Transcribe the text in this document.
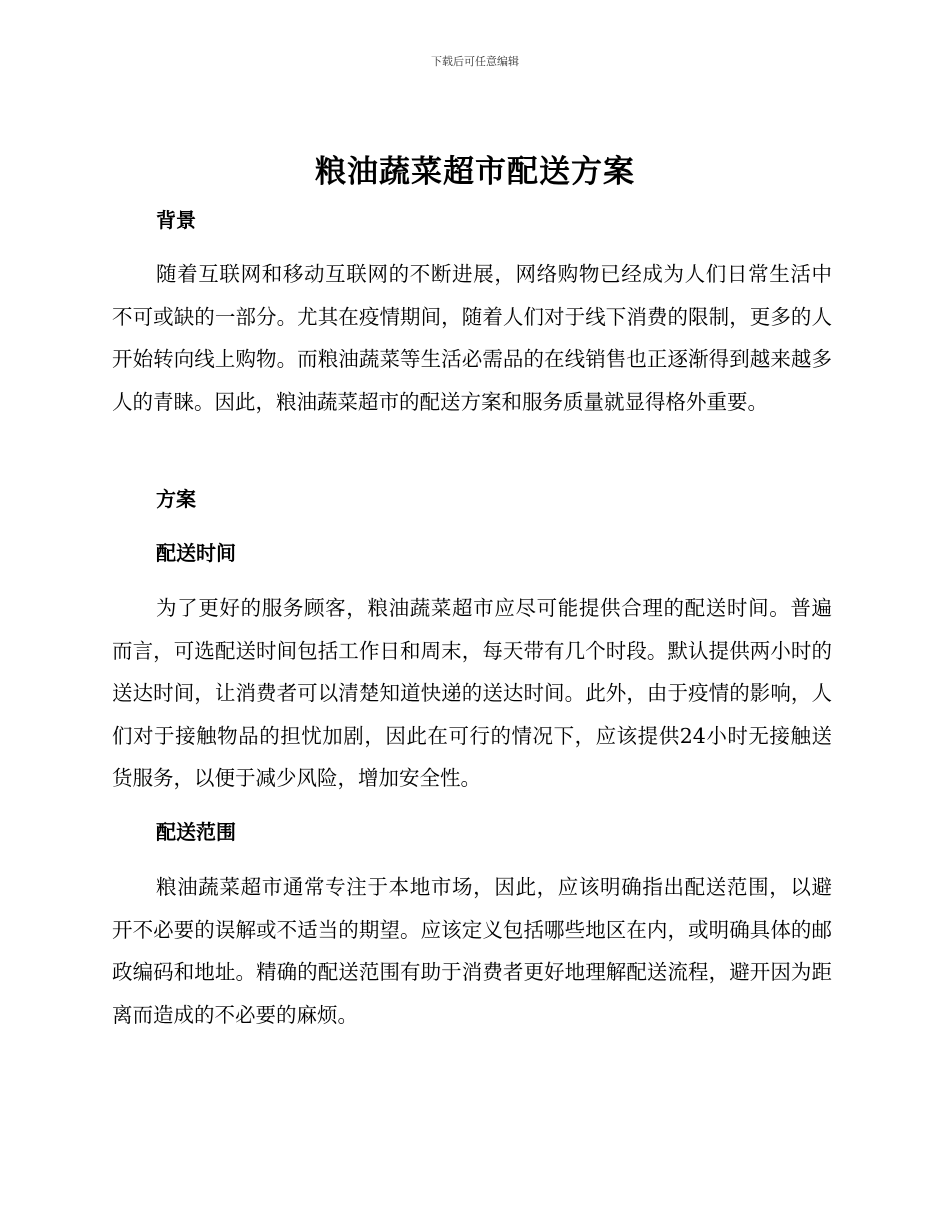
下载后可任意编辑
粮油蔬菜超市配送方案
背景
随着互联网和移动互联网的不断进展，网络购物已经成为人们日常生活中不可或缺的一部分。尤其在疫情期间，随着人们对于线下消费的限制，更多的人开始转向线上购物。而粮油蔬菜等生活必需品的在线销售也正逐渐得到越来越多人的青睐。因此，粮油蔬菜超市的配送方案和服务质量就显得格外重要。
方案
配送时间
为了更好的服务顾客，粮油蔬菜超市应尽可能提供合理的配送时间。普遍而言，可选配送时间包括工作日和周末，每天带有几个时段。默认提供两小时的送达时间，让消费者可以清楚知道快递的送达时间。此外，由于疫情的影响，人们对于接触物品的担忧加剧，因此在可行的情况下，应该提供24小时无接触送货服务，以便于减少风险，增加安全性。
配送范围
粮油蔬菜超市通常专注于本地市场，因此，应该明确指出配送范围，以避开不必要的误解或不适当的期望。应该定义包括哪些地区在内，或明确具体的邮政编码和地址。精确的配送范围有助于消费者更好地理解配送流程，避开因为距离而造成的不必要的麻烦。
